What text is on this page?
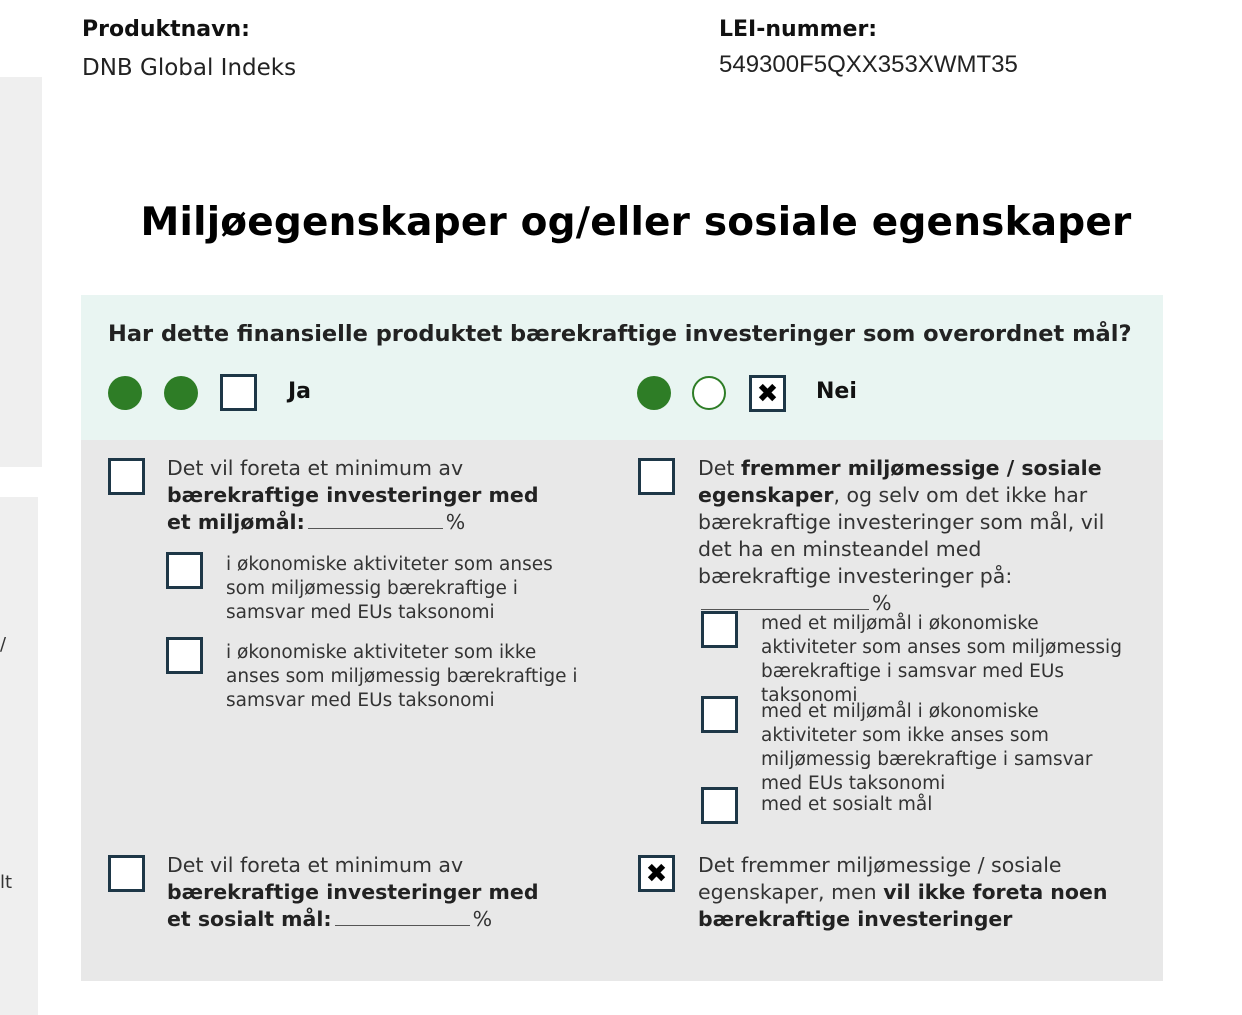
/
lt
Produktnavn:
DNB Global Indeks
LEI-nummer:
549300F5QXX353XWMT35
Miljøegenskaper og/eller sosiale egenskaper
Har dette finansielle produktet bærekraftige investeringer som overordnet mål?
Ja	✖ Nei
Det vil foreta et minimum av
bærekraftige investeringer med et miljømål:	%
i økonomiske aktiviteter som anses som miljømessig bærekraftige i samsvar med EUs taksonomi
i økonomiske aktiviteter som ikke anses som miljømessig bærekraftige i samsvar med EUs taksonomi
Det vil foreta et minimum av
bærekraftige investeringer med et sosialt mål:	%
Det fremmer miljømessige / sosiale egenskaper, og selv om det ikke har bærekraftige investeringer som mål, vil det ha en minsteandel med bærekraftige investeringer på:%
med et miljømål i økonomiske aktiviteter som anses som miljømessig bærekraftige i samsvar med EUs taksonomi
med et miljømål i økonomiske aktiviteter som ikke anses som miljømessig bærekraftige i samsvar med EUs taksonomi
med et sosialt mål
✖ Det fremmer miljømessige / sosiale egenskaper, men vil ikke foreta noen bærekraftige investeringer
